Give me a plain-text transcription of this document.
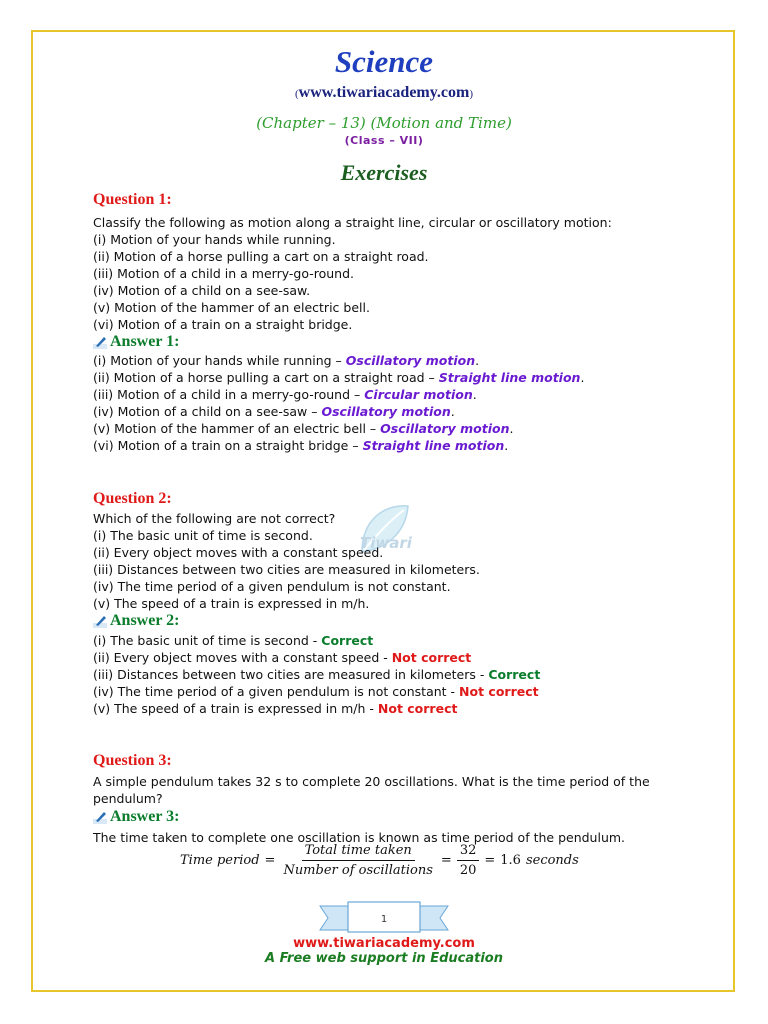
Science
(www.tiwariacademy.com)
(Chapter – 13) (Motion and Time)
(Class – VII)
Exercises
Tiwari
Question 1:
Classify the following as motion along a straight line, circular or oscillatory motion:
(i) Motion of your hands while running.
(ii) Motion of a horse pulling a cart on a straight road.
(iii) Motion of a child in a merry-go-round.
(iv) Motion of a child on a see-saw.
(v) Motion of the hammer of an electric bell.
(vi) Motion of a train on a straight bridge.
Answer 1:
(i) Motion of your hands while running – Oscillatory motion.
(ii) Motion of a horse pulling a cart on a straight road – Straight line motion.
(iii) Motion of a child in a merry-go-round – Circular motion.
(iv) Motion of a child on a see-saw – Oscillatory motion.
(v) Motion of the hammer of an electric bell – Oscillatory motion.
(vi) Motion of a train on a straight bridge – Straight line motion.
Question 2:
Which of the following are not correct?
(i) The basic unit of time is second.
(ii) Every object moves with a constant speed.
(iii) Distances between two cities are measured in kilometers.
(iv) The time period of a given pendulum is not constant.
(v) The speed of a train is expressed in m/h.
Answer 2:
(i) The basic unit of time is second - Correct
(ii) Every object moves with a constant speed - Not correct
(iii) Distances between two cities are measured in kilometers - Correct
(iv) The time period of a given pendulum is not constant - Not correct
(v) The speed of a train is expressed in m/h - Not correct
Question 3:
A simple pendulum takes 32 s to complete 20 oscillations. What is the time period of the
pendulum?
Answer 3:
The time taken to complete one oscillation is known as time period of the pendulum.
Time period = $\frac{\text{Total time taken}}{\text{Number of oscillations}} = \frac{32}{20} = 1.6$ seconds
1
www.tiwariacademy.com
A Free web support in Education
